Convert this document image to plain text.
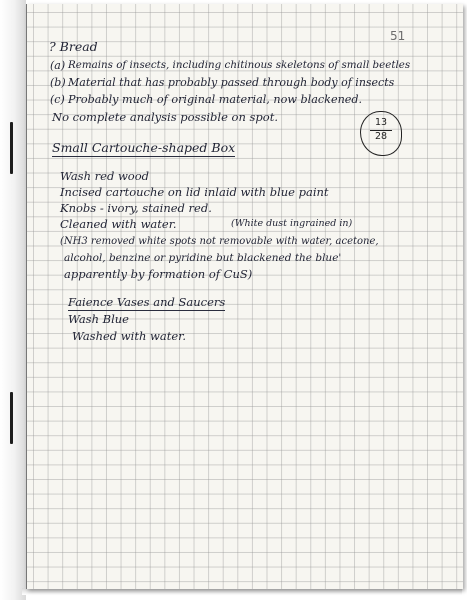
51
? Bread
(a) Remains of insects, including chitinous skeletons of small beetles
(b) Material that has probably passed through body of insects
(c) Probably much of original material, now blackened.
No complete analysis possible on spot.	13
28
Small Cartouche-shaped Box
Wash red wood
Incised cartouche on lid inlaid with blue paint
Knobs - ivory, stained red.
Cleaned with water.	(White dust ingrained in)
(NH3 removed white spots not removable with water, acetone,
alcohol, benzine or pyridine but blackened the blue'
apparently by formation of CuS)
Faience Vases and Saucers
Wash Blue
Washed with water.
